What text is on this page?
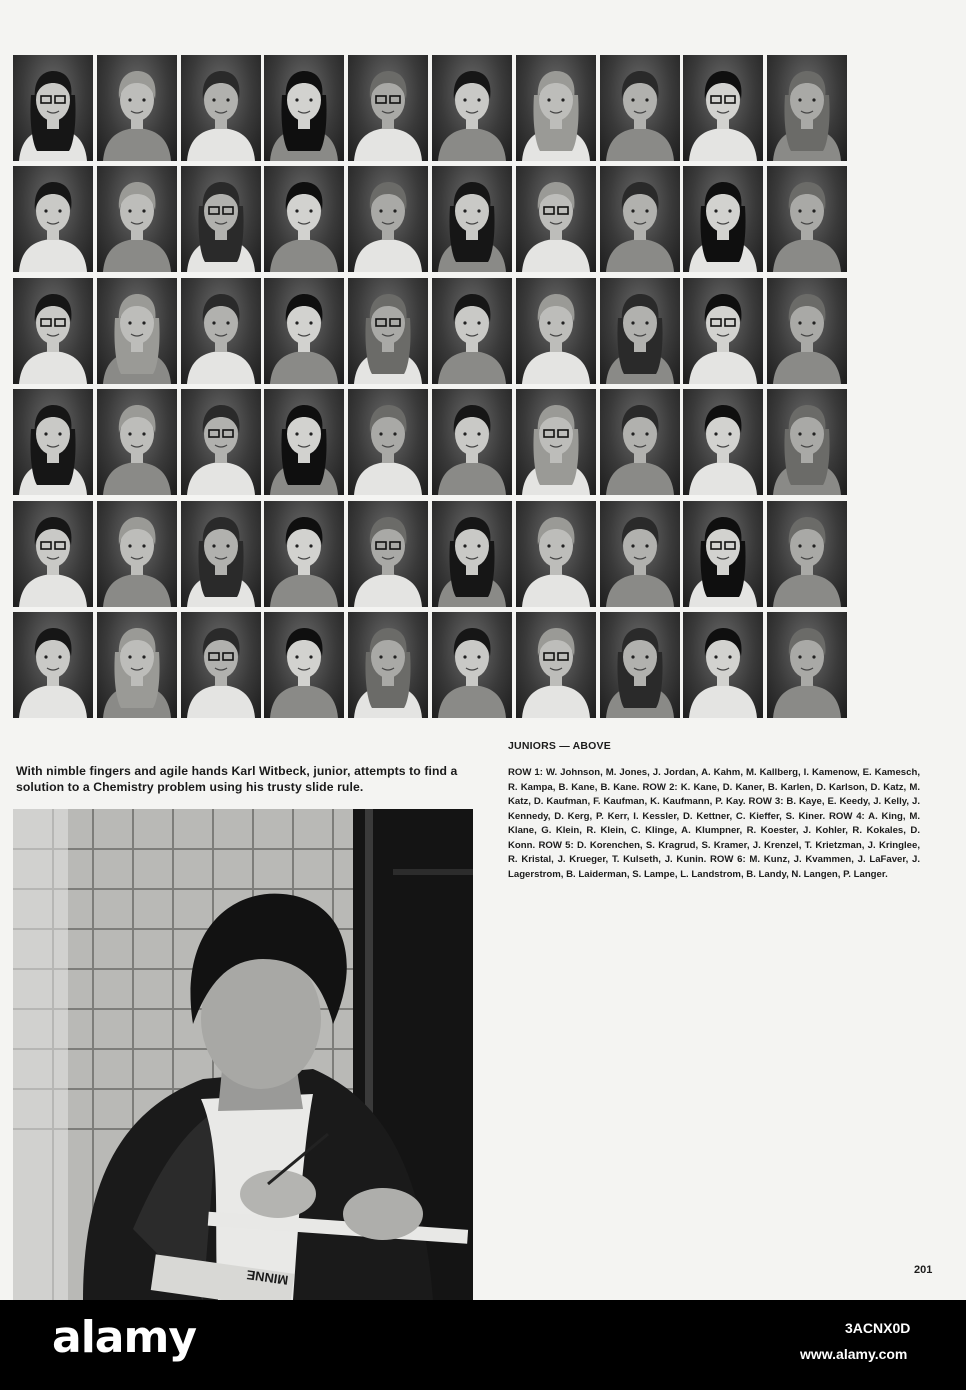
With nimble fingers and agile hands Karl Witbeck, junior, attempts to find a solution to a Chemistry problem using his trusty slide rule.
MINNE
JUNIORS — ABOVE
ROW 1: W. Johnson, M. Jones, J. Jordan, A. Kahm, M. Kallberg, I. Kamenow, E. Kamesch, R. Kampa, B. Kane, B. Kane. ROW 2: K. Kane, D. Kaner, B. Karlen, D. Karlson, D. Katz, M. Katz, D. Kaufman, F. Kaufman, K. Kaufmann, P. Kay. ROW 3: B. Kaye, E. Keedy, J. Kelly, J. Kennedy, D. Kerg, P. Kerr, I. Kessler, D. Kettner, C. Kieffer, S. Kiner. ROW 4: A. King, M. Klane, G. Klein, R. Klein, C. Klinge, A. Klumpner, R. Koester, J. Kohler, R. Kokales, D. Konn. ROW 5: D. Korenchen, S. Kragrud, S. Kramer, J. Krenzel, T. Krietzman, J. Kringlee, R. Kristal, J. Krueger, T. Kulseth, J. Kunin. ROW 6: M. Kunz, J. Kvammen, J. LaFaver, J. Lagerstrom, B. Laiderman, S. Lampe, L. Landstrom, B. Landy, N. Langen, P. Langer.
201
alamy	3ACNX0D
www.alamy.com
